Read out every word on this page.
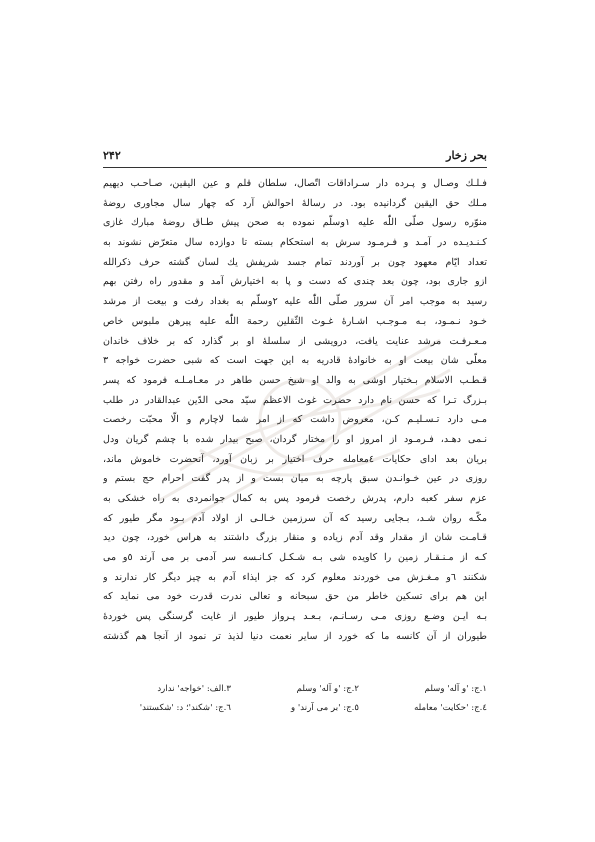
بحر زخار
۲۴۲
فـلـك وصـال و پـرده دار سـراداقات اتّصال، سلطان قلم و عين اليقين، صـاحـب ديهيم
مـلك حق اليقين گردانيده بود. در رسالهٔ احوالش آرد كه چهار سال مجاوری روضهٔ
منوّره رسول صلّی اللّٰه علیه ١وسلّم نموده به صحن پيش طـاق روضهٔ مبارك غازی
كـنـديـده در آمـد و فـرمـود سرش به استحكام بسته تا دوازده سال متعرّض نشوند به
تعداد ايّام معهود چون بر آوردند تمام جسد شريفش يك لسان گشته حرف ذكرالله
ازو جاری بود، چون بعد چندی كه دست و پا به اختيارش آمد و مقدور راه رفتن بهم
رسيد به موجب امر آن سرور صلّی اللّٰه علیه ٢وسلّم به بغداد رفت و بيعت از مرشد
خـود نـمـود، بـه مـوجـب اشـارهٔ غـوث الثّقلين رحمة اللّٰه عليه پيرهن ملبوس خاص
مـعـرفـت مرشد عنايت يافت، درويشی از سلسلهٔ او بر گذارد كه بر خلاف خاندان
معلّی شان بيعت او به خانوادهٔ قادريه به اين جهت است كه شبی حضرت خواجه ٣
قـطـب الاسلام بـختيار اوشی به والد او شيخ حسن طاهر در معـامـلـه فرمود كه پسر
بـزرگ تـرا كه حسن نام دارد حضرت غوث الاعظم سيّد محی الدّين عبدالقادر در طلب
مـی دارد تـسـليـم كـن، معروض داشت كه از امر شما لاچارم و الّا محبّت رخصت
نـمی دهـد، فـرمـود از امروز او را مختار گردان، صبح بيدار شده با چشم گريان ودل
بريان بعد ادای حكايات ٤معامله حرف اختيار بر زبان آورد، آنحضرت خاموش ماند،
روزی در عين خـوانـدن سبق پارچه به ميان بست و از پدر گفت احرام حج بستم و
عزم سفر كعبه دارم، پدرش رخصت فرمود پس به كمال جوانمردی به راه خشكی به
مكّـه روان شـد، بـجايی رسيد كه آن سرزمين خـالـی از اولاد آدم بـود مگر طيور كه
قـامـت شان از مقدار وقد آدم زياده و منقار بزرگ داشتند به هراس خورد، چون ديد
كـه از مـنـقـار زمين را كاويده شی بـه شـكـل كـانـسه سر آدمی بر می آرند ٥و می
شكنند ٦و مـغـزش می خوردند معلوم كرد كه جز ايذاء آدم به چيز ديگر كار ندارند و
اين هم برای تسكين خاطر من حق سبحانه و تعالی ندرت قدرت خود می نمايد كه
بـه ايـن وضـع روزی مـی رسـانـم، بـعـد پـرواز طيور از غايت گرسنگی پس خوردهٔ
طيوران از آن كانسه ما كه خورد از ساير نعمت دنيا لذيذ تر نمود از آنجا هم گذشته
١.ج: 'و آله' وسلم
٢.ج: 'و آله' وسلم
٣.الف: 'خواجه' ندارد
٤.ج: 'حكايت' معامله
٥.ج: 'بر می آرند' و
٦.ج: 'شكند'؛ د: 'شكستند'
